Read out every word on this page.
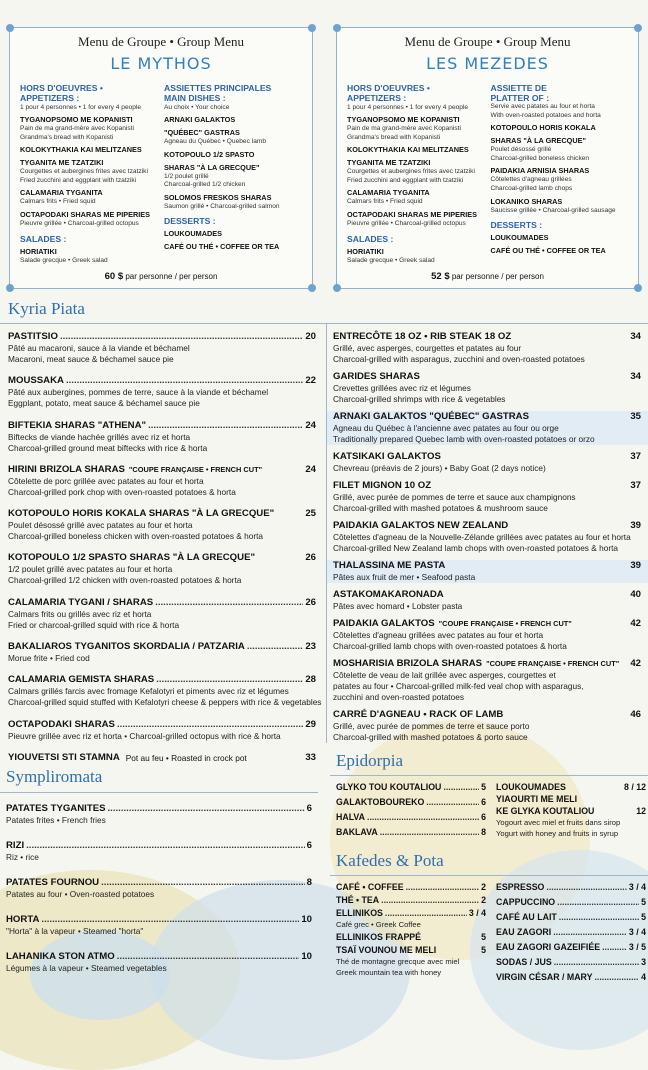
Menu de Groupe • Group Menu
LE MYTHOS
HORS D'OEUVRES • APPETIZERS :
1 pour 4 personnes • 1 for every 4 people
TYGANOPSOMO ME KOPANISTI
Pain de ma grand-mère avec Kopanisti
Grandma's bread with Kopanisti
KOLOKYTHAKIA KAI MELITZANES
TYGANITA ME TZATZIKI
Courgettes et aubergines frites avec tzatziki
Fried zucchini and eggplant with tzatziki
CALAMARIA TYGANITA
Calmars frits • Fried squid
OCTAPODAKI SHARAS ME PIPERIES
Pieuvre grillée • Charcoal-grilled octopus
SALADES :
HORIATIKI
Salade grecque • Greek salad
ASSIETTES PRINCIPALES
MAIN DISHES :
Au choix • Your choice
ARNAKI GALAKTOS
"QUÉBEC" GASTRAS
Agneau du Québec • Quebec lamb
KOTOPOULO 1/2 SPASTO
SHARAS "À LA GRECQUE"
1/2 poulet grillé
Charcoal-grilled 1/2 chicken
SOLOMOS FRESKOS SHARAS
Saumon grillé • Charcoal-grilled salmon
DESSERTS :
LOUKOUMADES
CAFÉ OU THÉ • COFFEE OR TEA
60 $ par personne / per person
Menu de Groupe • Group Menu
LES MEZEDES
HORS D'OEUVRES • APPETIZERS :
1 pour 4 personnes • 1 for every 4 people
TYGANOPSOMO ME KOPANISTI
Pain de ma grand-mère avec Kopanisti
Grandma's bread with Kopanisti
KOLOKYTHAKIA KAI MELITZANES
TYGANITA ME TZATZIKI
Courgettes et aubergines frites avec tzatziki
Fried zucchini and eggplant with tzatziki
CALAMARIA TYGANITA
Calmars frits • Fried squid
OCTAPODAKI SHARAS ME PIPERIES
Pieuvre grillée • Charcoal-grilled octopus
SALADES :
HORIATIKI
Salade grecque • Greek salad
ASSIETTE DE
PLATTER OF :
Servie avec patates au four et horta
With oven-roasted potatoes and horta
KOTOPOULO HORIS KOKALA
SHARAS "À LA GRECQUE"
Poulet désossé grillé
Charcoal-grilled boneless chicken
PAIDAKIA ARNISIA SHARAS
Côtelettes d'agneau grillées
Charcoal-grilled lamb chops
LOKANIKO SHARAS
Saucisse grillée • Charcoal-grilled sausage
DESSERTS :
LOUKOUMADES
CAFÉ OU THÉ • COFFEE OR TEA
52 $ par personne / per person
Kyria Piata
PASTITSIO .....	20
Pâté au macaroni, sauce à la viande et béchamel
Macaroni, meat sauce & béchamel sauce pie
MOUSSAKA .....	22
Pâté aux aubergines, pommes de terre, sauce à la viande et béchamel
Eggplant, potato, meat sauce & béchamel sauce pie
BIFTEKIA SHARAS "ATHENA" .....	24
Biftecks de viande hachée grillés avec riz et horta
Charcoal-grilled ground meat biftecks with rice & horta
HIRINI BRIZOLA SHARAS "COUPE FRANÇAISE • FRENCH CUT"	24
Côtelette de porc grillée avec patates au four et horta
Charcoal-grilled pork chop with oven-roasted potatoes & horta
KOTOPOULO HORIS KOKALA SHARAS "À LA GRECQUE"	25
Poulet désossé grillé avec patates au four et horta
Charcoal-grilled boneless chicken with oven-roasted potatoes & horta
KOTOPOULO 1/2 SPASTO SHARAS "À LA GRECQUE"	26
1/2 poulet grillé avec patates au four et horta
Charcoal-grilled 1/2 chicken with oven-roasted potatoes & horta
CALAMARIA TYGANI / SHARAS .....	26
Calmars frits ou grillés avec riz et horta
Fried or charcoal-grilled squid with rice & horta
BAKALIAROS TYGANITOS SKORDALIA / PATZARIA .....	23
Morue frite • Fried cod
CALAMARIA GEMISTA SHARAS .....	28
Calmars grillés farcis avec fromage Kefalotyri et piments avec riz et légumes
Charcoal-grilled squid stuffed with Kefalotyri cheese & peppers with rice & vegetables
OCTAPODAKI SHARAS .....	29
Pieuvre grillée avec riz et horta • Charcoal-grilled octopus with rice & horta
YIOUVETSI STI STAMNA Pot au feu • Roasted in crock pot	33
ENTRECÔTE 18 OZ • RIB STEAK 18 OZ	34
Grillé, avec asperges, courgettes et patates au four
Charcoal-grilled with asparagus, zucchini and oven-roasted potatoes
GARIDES SHARAS	34
Crevettes grillées avec riz et légumes
Charcoal-grilled shrimps with rice & vegetables
ARNAKI GALAKTOS "QUÉBEC" GASTRAS	35
Agneau du Québec à l'ancienne avec patates au four ou orge
Traditionally prepared Quebec lamb with oven-roasted potatoes or orzo
KATSIKAKI GALAKTOS	37
Chevreau (préavis de 2 jours) • Baby Goat (2 days notice)
FILET MIGNON 10 OZ	37
Grillé, avec purée de pommes de terre et sauce aux champignons
Charcoal-grilled with mashed potatoes & mushroom sauce
PAIDAKIA GALAKTOS NEW ZEALAND	39
Côtelettes d'agneau de la Nouvelle-Zélande grillées avec patates au four et horta
Charcoal-grilled New Zealand lamb chops with oven-roasted potatoes & horta
THALASSINA ME PASTA	39
Pâtes aux fruit de mer • Seafood pasta
ASTAKOMAKARONADA	40
Pâtes avec homard • Lobster pasta
PAIDAKIA GALAKTOS "COUPE FRANÇAISE • FRENCH CUT"	42
Côtelettes d'agneau grillées avec patates au four et horta
Charcoal-grilled lamb chops with oven-roasted potatoes & horta
MOSHARISIA BRIZOLA SHARAS "COUPE FRANÇAISE • FRENCH CUT" 42
Côtelette de veau de lait grillée avec asperges, courgettes et
patates au four • Charcoal-grilled milk-fed veal chop with asparagus,
zucchini and oven-roasted potatoes
CARRÉ D'AGNEAU • RACK OF LAMB	46
Grillé, avec purée de pommes de terre et sauce porto
Charcoal-grilled with mashed potatoes & porto sauce
Sympliromata
PATATES TYGANITES .....	6
Patates frites • French fries
RIZI .....	6
Riz • rice
PATATES FOURNOU .....	8
Patates au four • Oven-roasted potatoes
HORTA .....	10
"Horta" à la vapeur • Steamed "horta"
LAHANIKA STON ATMO .....	10
Légumes à la vapeur • Steamed vegetables
Epidorpia
GLYKO TOU KOUTALIOU .....	5
GALAKTOBOUREKO .....	6
HALVA .....	6
BAKLAVA .....	8
LOUKOUMADES	8 / 12
YIAOURTI ME MELI
KE GLYKA KOUTALIOU	12
Yogourt avec miel et fruits dans sirop
Yogurt with honey and fruits in syrup
Kafedes & Pota
CAFÉ • COFFEE .....	2
THÉ • TEA .....	2
ELLINIKOS .....	3 / 4
Café grec • Greek Coffee
ELLINIKOS FRAPPÉ	5
TSAÏ VOUNOU ME MELI	5
Thé de montagne grecque avec miel
Greek mountain tea with honey
ESPRESSO .....	3 / 4
CAPPUCCINO .....	5
CAFÉ AU LAIT .....	5
EAU ZAGORI .....	3 / 4
EAU ZAGORI GAZEIFIÉE .....	3 / 5
SODAS / JUS .....	3
VIRGIN CÉSAR / MARY .....	4
